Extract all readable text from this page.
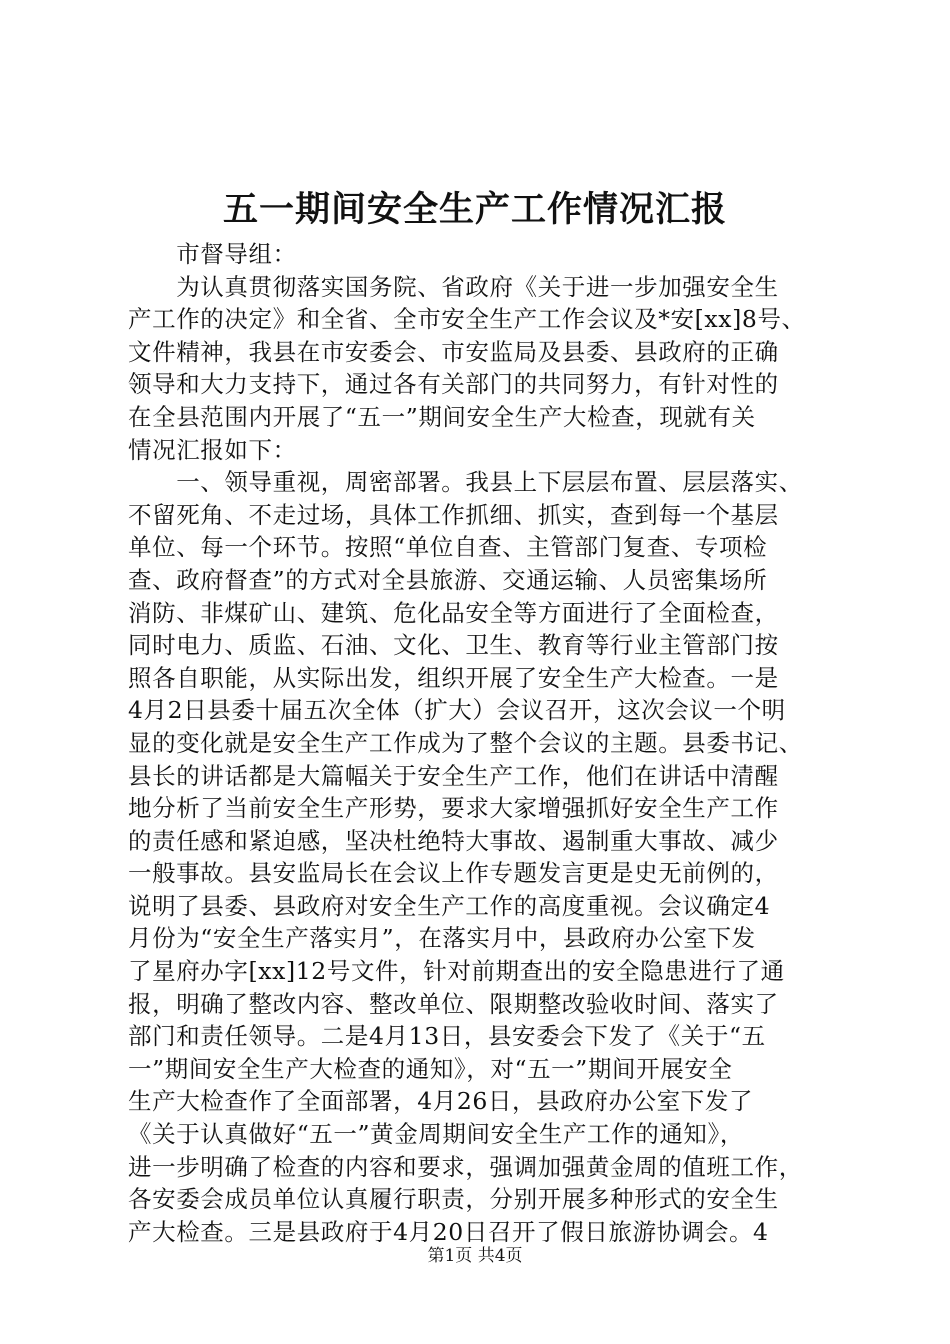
五一期间安全生产工作情况汇报
　　市督导组：
　　为认真贯彻落实国务院、省政府《关于进一步加强安全生
产工作的决定》和全省、全市安全生产工作会议及*安[xx]8号、
文件精神，我县在市安委会、市安监局及县委、县政府的正确
领导和大力支持下，通过各有关部门的共同努力，有针对性的
在全县范围内开展了“五一”期间安全生产大检查，现就有关
情况汇报如下：
　　一、领导重视，周密部署。我县上下层层布置、层层落实、
不留死角、不走过场，具体工作抓细、抓实，查到每一个基层
单位、每一个环节。按照“单位自查、主管部门复查、专项检
查、政府督查”的方式对全县旅游、交通运输、人员密集场所
消防、非煤矿山、建筑、危化品安全等方面进行了全面检查，
同时电力、质监、石油、文化、卫生、教育等行业主管部门按
照各自职能，从实际出发，组织开展了安全生产大检查。一是
4月2日县委十届五次全体（扩大）会议召开，这次会议一个明
显的变化就是安全生产工作成为了整个会议的主题。县委书记、
县长的讲话都是大篇幅关于安全生产工作，他们在讲话中清醒
地分析了当前安全生产形势，要求大家增强抓好安全生产工作
的责任感和紧迫感，坚决杜绝特大事故、遏制重大事故、减少
一般事故。县安监局长在会议上作专题发言更是史无前例的，
说明了县委、县政府对安全生产工作的高度重视。会议确定4
月份为“安全生产落实月”，在落实月中，县政府办公室下发
了星府办字[xx]12号文件，针对前期查出的安全隐患进行了通
报，明确了整改内容、整改单位、限期整改验收时间、落实了
部门和责任领导。二是4月13日，县安委会下发了《关于“五
一”期间安全生产大检查的通知》，对“五一”期间开展安全
生产大检查作了全面部署，4月26日，县政府办公室下发了
《关于认真做好“五一”黄金周期间安全生产工作的通知》，
进一步明确了检查的内容和要求，强调加强黄金周的值班工作，
各安委会成员单位认真履行职责，分别开展多种形式的安全生
产大检查。三是县政府于4月20日召开了假日旅游协调会。4
第1页 共4页
